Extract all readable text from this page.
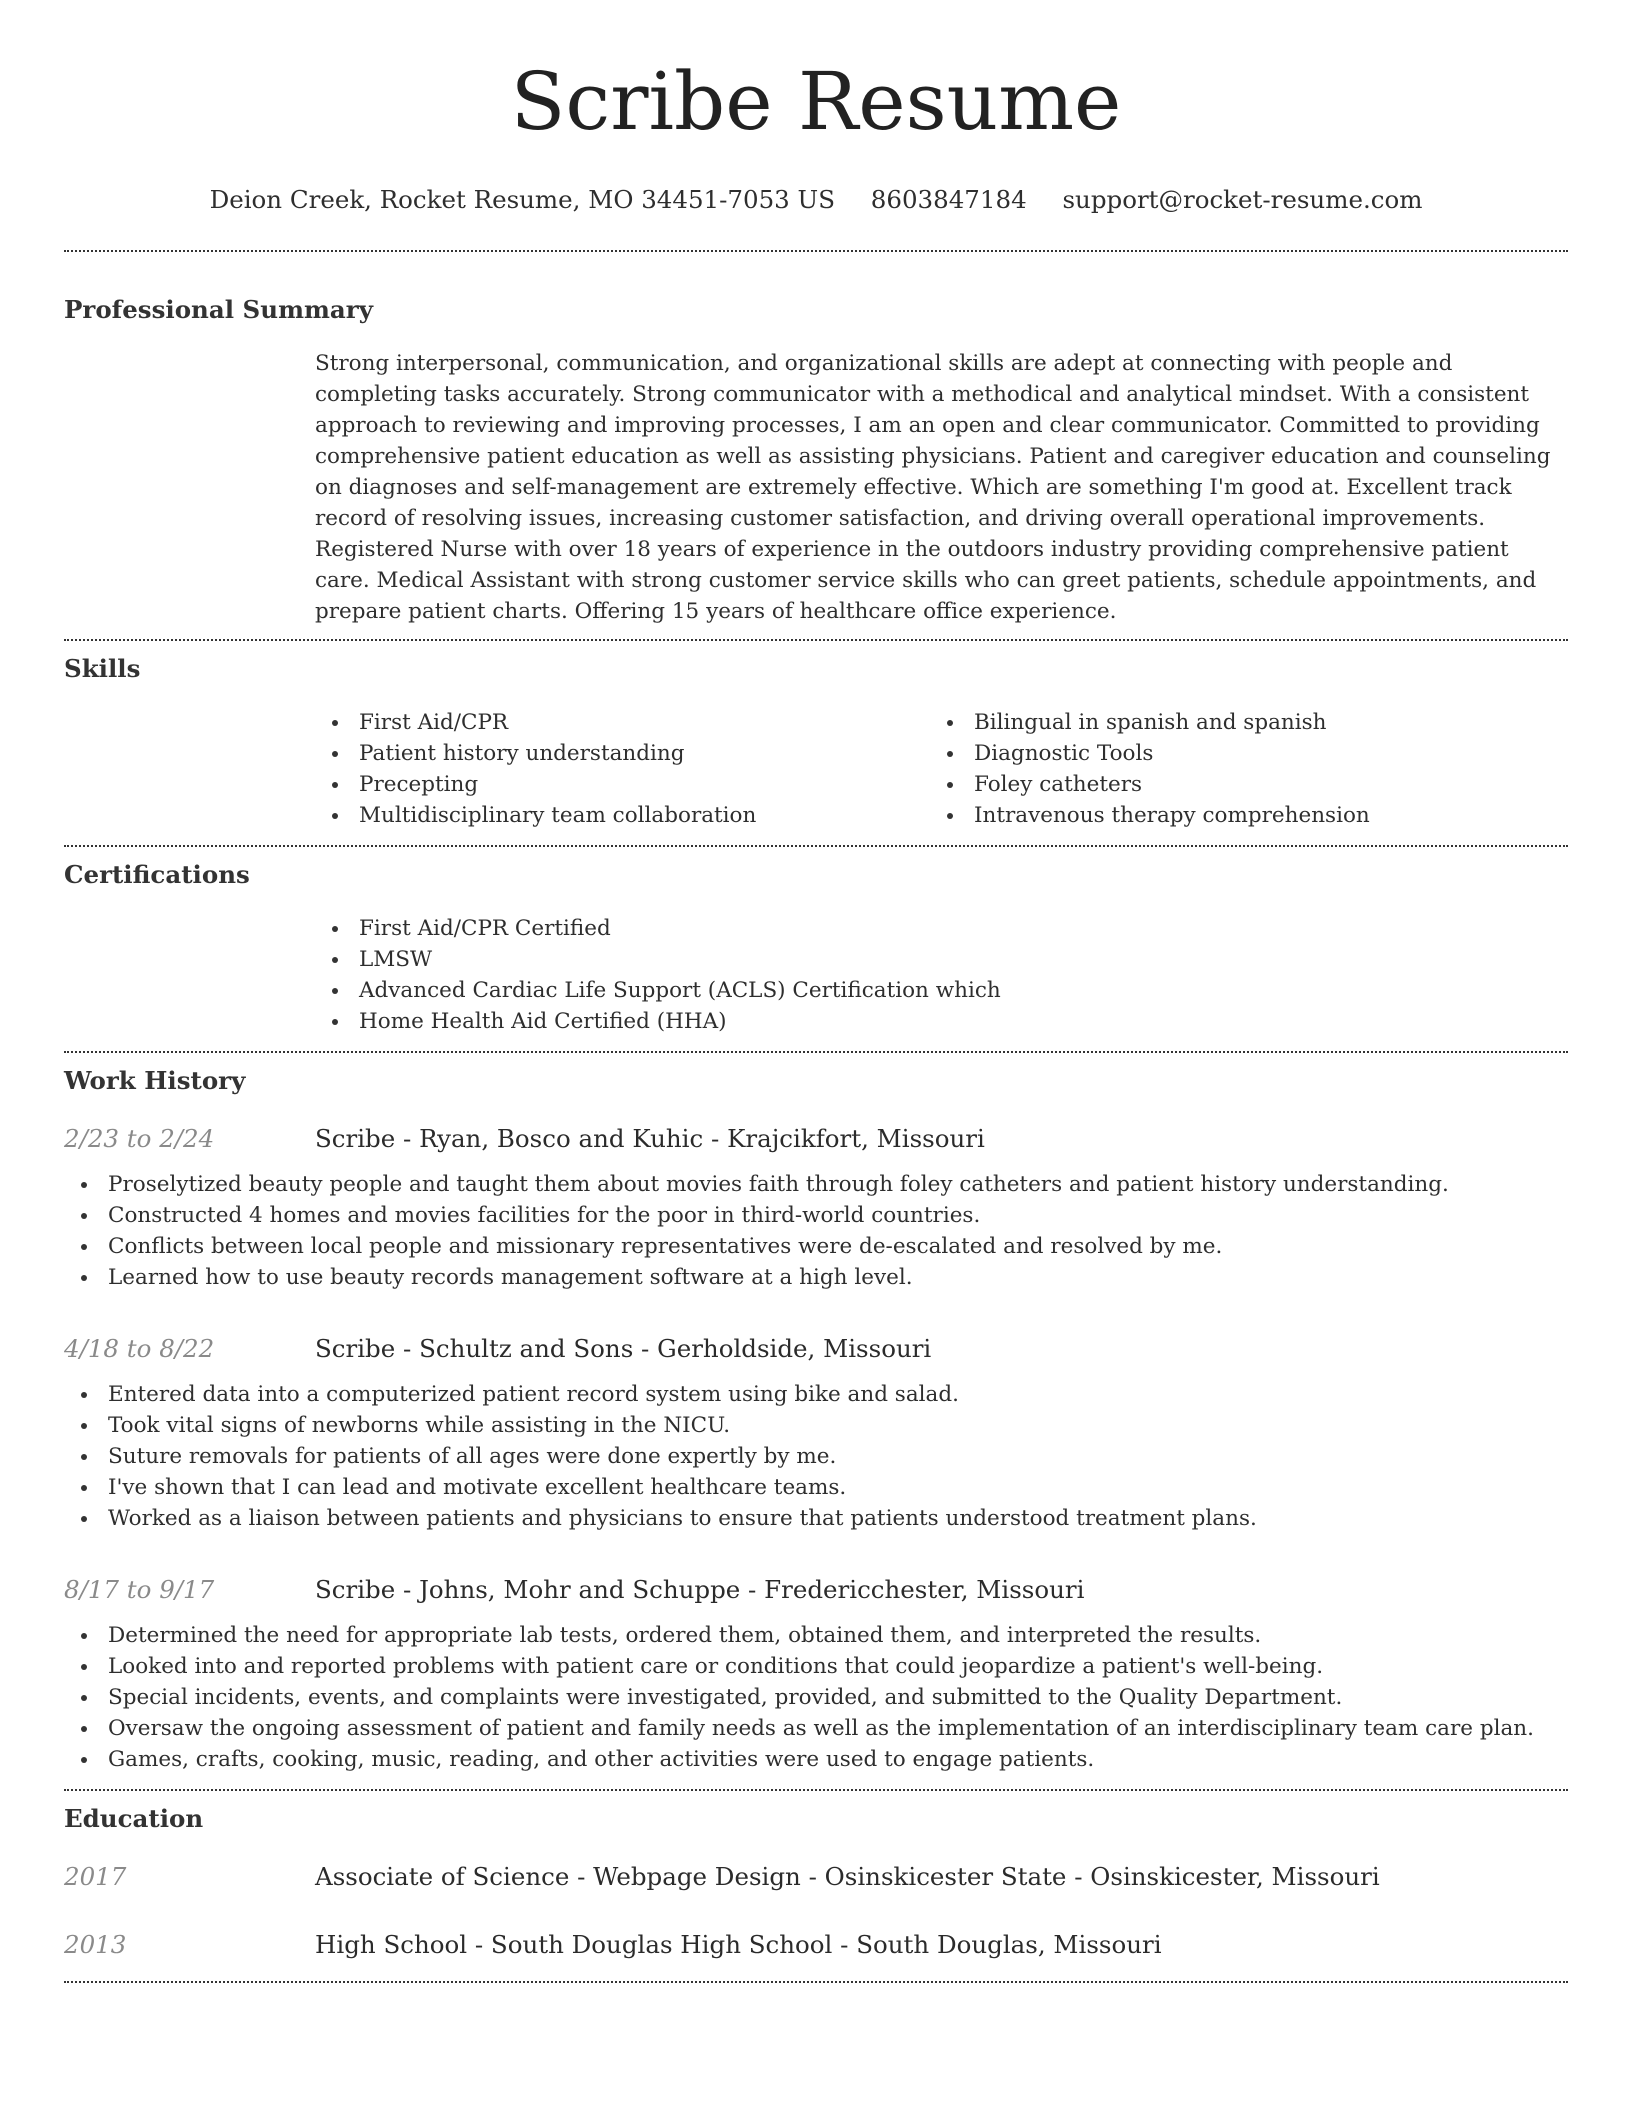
Scribe Resume
Deion Creek, Rocket Resume, MO 34451-7053 US 8603847184 support@rocket-resume.com
Professional Summary

Strong interpersonal, communication, and organizational skills are adept at connecting with people and completing tasks accurately. Strong communicator with a methodical and analytical mindset. With a consistent approach to reviewing and improving processes, I am an open and clear communicator. Committed to providing comprehensive patient education as well as assisting physicians. Patient and caregiver education and counseling on diagnoses and self-management are extremely effective. Which are something I'm good at. Excellent track record of resolving issues, increasing customer satisfaction, and driving overall operational improvements. Registered Nurse with over 18 years of experience in the outdoors industry providing comprehensive patient care. Medical Assistant with strong customer service skills who can greet patients, schedule appointments, and prepare patient charts. Offering 15 years of healthcare office experience.

Skills
First Aid/CPR
Patient history understanding
Precepting
Multidisciplinary team collaboration
Bilingual in spanish and spanish
Diagnostic Tools
Foley catheters
Intravenous therapy comprehension
Certifications
First Aid/CPR Certified
LMSW
Advanced Cardiac Life Support (ACLS) Certification which
Home Health Aid Certified (HHA)
Work History
2/23 to 2/24	Scribe - Ryan, Bosco and Kuhic - Krajcikfort, Missouri
Proselytized beauty people and taught them about movies faith through foley catheters and patient history understanding.
Constructed 4 homes and movies facilities for the poor in third-world countries.
Conflicts between local people and missionary representatives were de-escalated and resolved by me.
Learned how to use beauty records management software at a high level.
4/18 to 8/22	Scribe - Schultz and Sons - Gerholdside, Missouri
Entered data into a computerized patient record system using bike and salad.
Took vital signs of newborns while assisting in the NICU.
Suture removals for patients of all ages were done expertly by me.
I've shown that I can lead and motivate excellent healthcare teams.
Worked as a liaison between patients and physicians to ensure that patients understood treatment plans.
8/17 to 9/17	Scribe - Johns, Mohr and Schuppe - Fredericchester, Missouri
Determined the need for appropriate lab tests, ordered them, obtained them, and interpreted the results.
Looked into and reported problems with patient care or conditions that could jeopardize a patient's well-being.
Special incidents, events, and complaints were investigated, provided, and submitted to the Quality Department.
Oversaw the ongoing assessment of patient and family needs as well as the implementation of an interdisciplinary team care plan.
Games, crafts, cooking, music, reading, and other activities were used to engage patients.
Education
2017	Associate of Science - Webpage Design - Osinskicester State - Osinskicester, Missouri
2013	High School - South Douglas High School - South Douglas, Missouri
